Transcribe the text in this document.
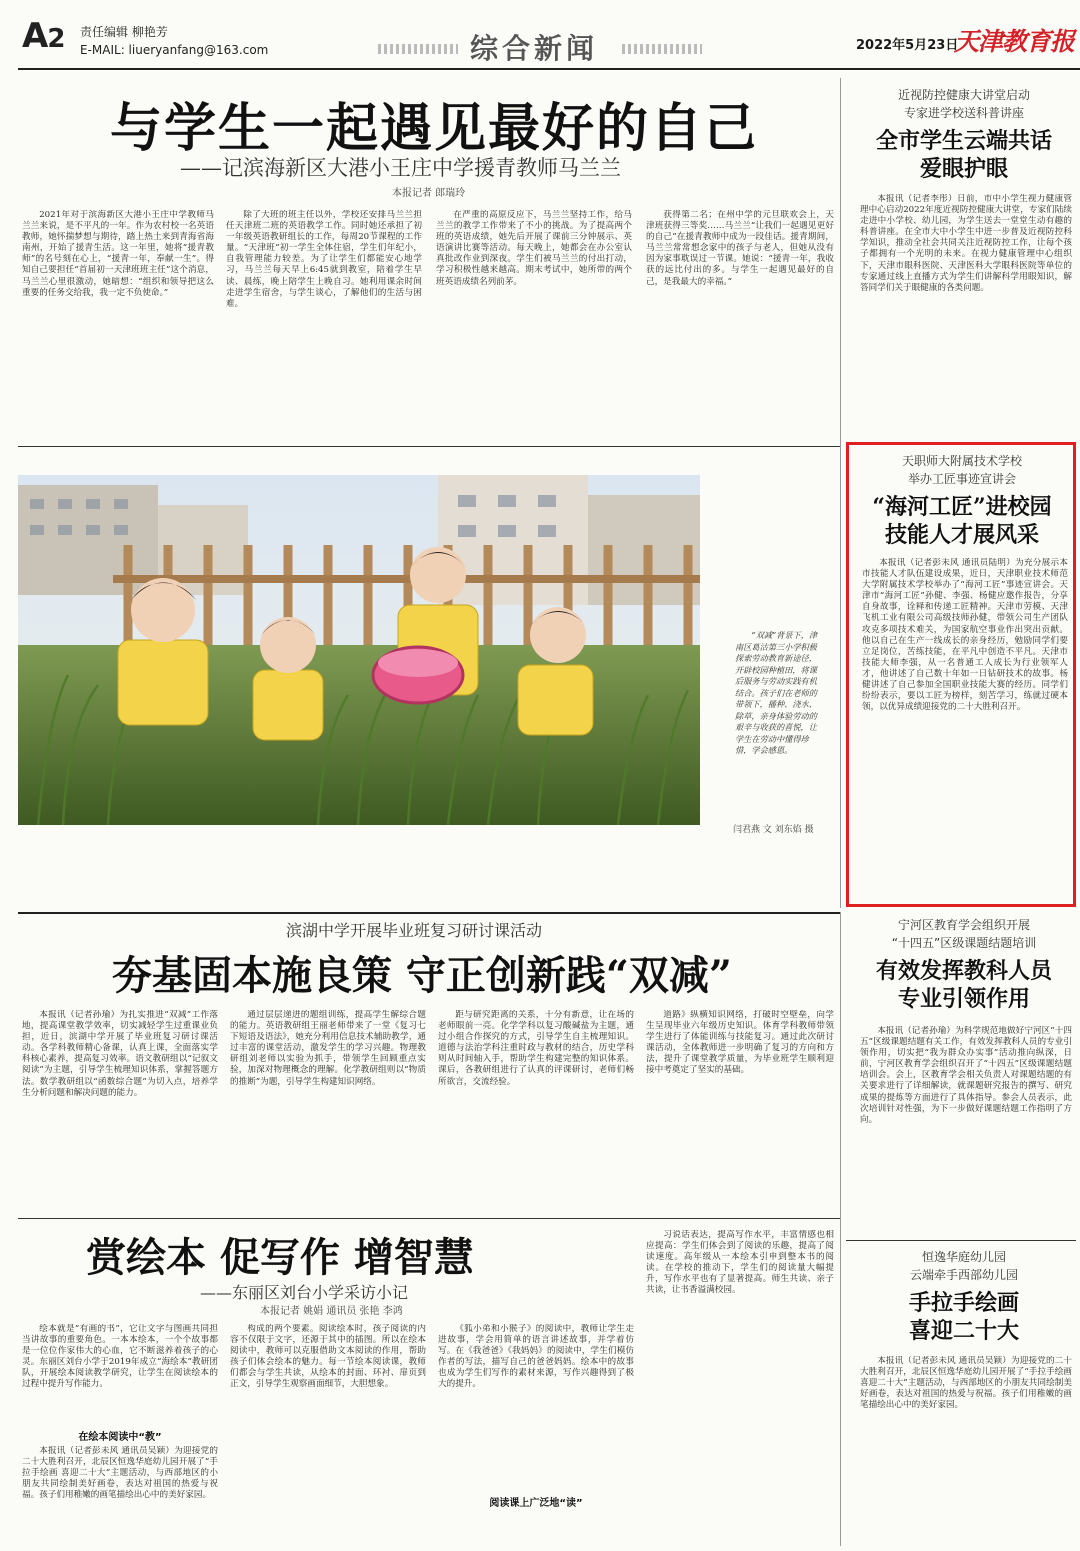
A2 责任编辑 柳艳芳
E-MAIL: liueryanfang@163.com	综合新闻	2022年5月23日
天津教育报
与学生一起遇见最好的自己
——记滨海新区大港小王庄中学援青教师马兰兰
本报记者 郎瑞玲
2021年对于滨海新区大港小王庄中学教师马兰兰来说，是不平凡的一年。作为农村校一名英语教师，她怀揣梦想与期待，踏上热土来到青海省海南州，开始了援青生活。这一年里，她将“援青教师”的名号刻在心上，“援青一年，奉献一生”。得知自己要担任“首届初一天津班班主任”这个消息，马兰兰心里很激动，她暗想：“组织和领导把这么重要的任务交给我，我一定不负使命。”
除了大班的班主任以外，学校还安排马兰兰担任天津班二班的英语教学工作。同时她还承担了初一年级英语教研组长的工作，每周20节课程的工作量。“天津班”初一学生全体住宿，学生们年纪小，自我管理能力较差。为了让学生们都能安心地学习，马兰兰每天早上6:45就到教室，陪着学生早读、晨练，晚上陪学生上晚自习。她利用课余时间走进学生宿舍，与学生谈心，了解他们的生活与困难。
在严重的高原反应下，马兰兰坚持工作，给马兰兰的教学工作带来了不小的挑战。为了提高两个班的英语成绩，她先后开展了课前三分钟展示、英语演讲比赛等活动。每天晚上，她都会在办公室认真批改作业到深夜。学生们被马兰兰的付出打动，学习积极性越来越高。期末考试中，她所带的两个班英语成绩名列前茅。
获得第二名；在州中学的元旦联欢会上，天津班获得三等奖……马兰兰“让我们一起遇见更好的自己”在援青教师中成为一段佳话。援青期间，马兰兰常常想念家中的孩子与老人，但她从没有因为家事耽误过一节课。她说：“援青一年，我收获的远比付出的多。与学生一起遇见最好的自己，是我最大的幸福。”
近视防控健康大讲堂启动
专家进学校送科普讲座
全市学生云端共话
爱眼护眼
本报讯（记者李彤）日前，市中小学生视力健康管理中心启动2022年度近视防控健康大讲堂，专家们陆续走进中小学校、幼儿园，为学生送去一堂堂生动有趣的科普讲座。在全市大中小学生中进一步普及近视防控科学知识，推动全社会共同关注近视防控工作，让每个孩子都拥有一个光明的未来。在视力健康管理中心组织下，天津市眼科医院、天津医科大学眼科医院等单位的专家通过线上直播方式为学生们讲解科学用眼知识，解答同学们关于眼健康的各类问题。
“双减”背景下，津南区葛沽第三小学积极探索劳动教育新途径，开辟校园种植田，将课后服务与劳动实践有机结合。孩子们在老师的带领下，播种、浇水、除草，亲身体验劳动的艰辛与收获的喜悦，让学生在劳动中懂得珍惜，学会感恩。
闫君燕 文 刘东焰 摄
天职师大附属技术学校
举办工匠事迹宣讲会
“海河工匠”进校园
技能人才展风采
本报讯（记者彭未风 通讯员陆明）为充分展示本市技能人才队伍建设成果，近日，天津职业技术师范大学附属技术学校举办了“海河工匠”事迹宣讲会。天津市“海河工匠”孙健、李强、杨健应邀作报告，分享自身故事，诠释和传递工匠精神。天津市劳模、天津飞机工业有限公司高级技师孙健，带领公司生产团队攻克多项技术难关，为国家航空事业作出突出贡献。他以自己在生产一线成长的亲身经历，勉励同学们要立足岗位，苦练技能，在平凡中创造不平凡。天津市技能大师李强，从一名普通工人成长为行业领军人才，他讲述了自己数十年如一日钻研技术的故事。杨健讲述了自己参加全国职业技能大赛的经历。同学们纷纷表示，要以工匠为榜样，刻苦学习，练就过硬本领，以优异成绩迎接党的二十大胜利召开。
滨湖中学开展毕业班复习研讨课活动
夯基固本施良策 守正创新践“双减”
本报讯（记者孙瑜）为扎实推进“双减”工作落地，提高课堂教学效率，切实减轻学生过重课业负担，近日，滨湖中学开展了毕业班复习研讨课活动。各学科教师精心备课，认真上课，全面落实学科核心素养，提高复习效率。语文教研组以“记叙文阅读”为主题，引导学生梳理知识体系，掌握答题方法。数学教研组以“函数综合题”为切入点，培养学生分析问题和解决问题的能力。
通过层层递进的题组训练，提高学生解综合题的能力。英语教研组王丽老师带来了一堂《复习七下短语及语法》，她充分利用信息技术辅助教学，通过丰富的课堂活动，激发学生的学习兴趣。物理教研组刘老师以实验为抓手，带领学生回顾重点实验，加深对物理概念的理解。化学教研组则以“物质的推断”为题，引导学生构建知识网络。
距与研究距离的关系，十分有新意，让在场的老师眼前一亮。化学学科以复习酸碱盐为主题，通过小组合作探究的方式，引导学生自主梳理知识。道德与法治学科注重时政与教材的结合，历史学科则从时间轴入手，帮助学生构建完整的知识体系。课后，各教研组进行了认真的评课研讨，老师们畅所欲言，交流经验。
道路》纵横知识网络，打破时空壁垒，向学生呈现毕业六年级历史知识。体育学科教师带领学生进行了体能训练与技能复习。通过此次研讨课活动，全体教师进一步明确了复习的方向和方法，提升了课堂教学质量，为毕业班学生顺利迎接中考奠定了坚实的基础。
宁河区教育学会组织开展
“十四五”区级课题结题培训
有效发挥教科人员
专业引领作用
本报讯（记者孙瑜）为科学规范地做好宁河区“十四五”区级课题结题有关工作，有效发挥教科人员的专业引领作用，切实把“我为群众办实事”活动推向纵深，日前，宁河区教育学会组织召开了“十四五”区级课题结题培训会。会上，区教育学会相关负责人对课题结题的有关要求进行了详细解读，就课题研究报告的撰写、研究成果的提炼等方面进行了具体指导。参会人员表示，此次培训针对性强，为下一步做好课题结题工作指明了方向。
赏绘本 促写作 增智慧
——东丽区刘台小学采访小记
本报记者 姚娟 通讯员 张艳 李鸿
绘本就是“有画的书”，它让文字与图画共同担当讲故事的重要角色。一本本绘本，一个个故事都是一位位作家伟大的心血，它不断滋养着孩子的心灵。东丽区刘台小学于2019年成立“海绘本”教研团队，开展绘本阅读教学研究，让学生在阅读绘本的过程中提升写作能力。
在绘本阅读中“教”
本报讯（记者彭未风 通讯员吴颖）为迎接党的二十大胜利召开，北辰区恒逸华庭幼儿园开展了“手拉手绘画 喜迎二十大”主题活动，与西部地区的小朋友共同绘制美好画卷，表达对祖国的热爱与祝福。孩子们用稚嫩的画笔描绘出心中的美好家园。
构成的两个要素。阅读绘本时，孩子阅读的内容不仅限于文字，还源于其中的插图。所以在绘本阅读中，教师可以克服借助文本阅读的作用，帮助孩子们体会绘本的魅力。每一节绘本阅读课，教师们都会与学生共读，从绘本的封面、环衬、扉页到正文，引导学生观察画面细节，大胆想象。
《狐小弟和小猴子》的阅读中，教师让学生走进故事，学会用简单的语言讲述故事，并学着仿写。在《我爸爸》《我妈妈》的阅读中，学生们模仿作者的写法，描写自己的爸爸妈妈。绘本中的故事也成为学生们写作的素材来源，写作兴趣得到了极大的提升。
阅读课上广泛地“读”
习说话表达，提高写作水平，丰富情感也相应提高：学生们体会到了阅读的乐趣，提高了阅读速度。高年级从一本绘本引申到整本书的阅读。在学校的推动下，学生们的阅读量大幅提升，写作水平也有了显著提高。师生共读、亲子共读，让书香溢满校园。
恒逸华庭幼儿园
云端牵手西部幼儿园
手拉手绘画
喜迎二十大
本报讯（记者彭未风 通讯员吴颖）为迎接党的二十大胜利召开，北辰区恒逸华庭幼儿园开展了“手拉手绘画 喜迎二十大”主题活动，与西部地区的小朋友共同绘制美好画卷，表达对祖国的热爱与祝福。孩子们用稚嫩的画笔描绘出心中的美好家园。
